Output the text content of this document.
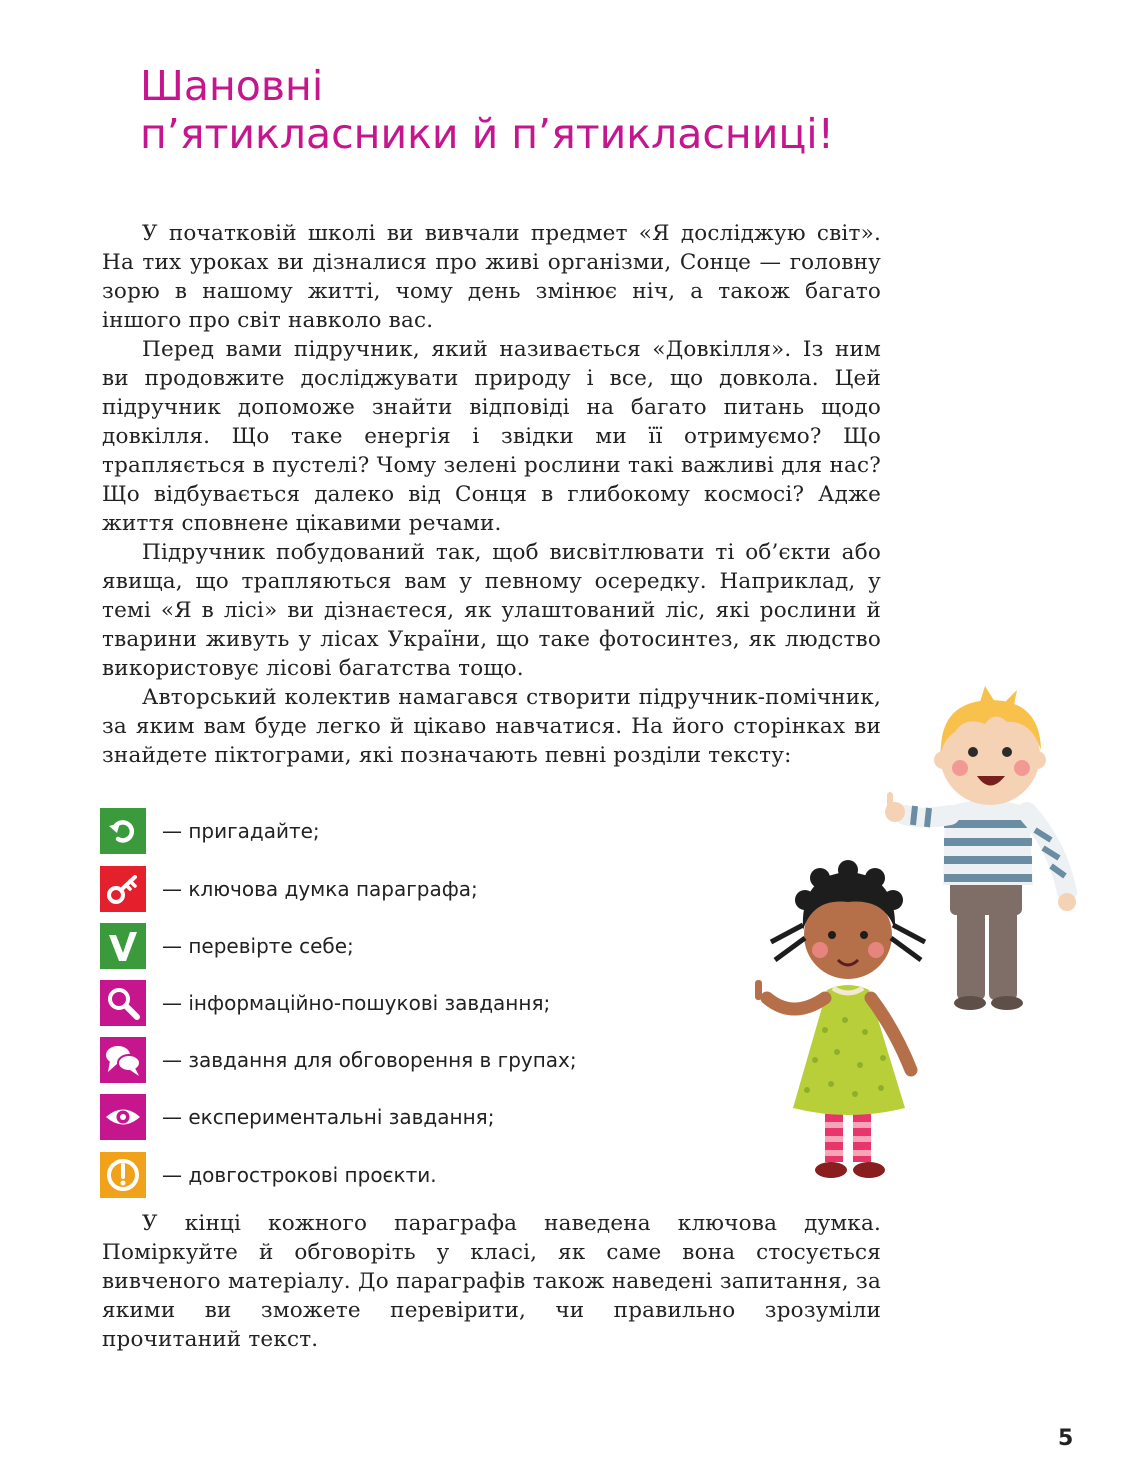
Шановні
п’ятикласники й п’ятикласниці!

У початковій школі ви вивчали предмет «Я досліджую світ». На тих уроках ви дізналися про живі організми, Сонце — головну зорю в нашому житті, чому день змінює ніч, а також багато іншого про світ навколо вас.

Перед вами підручник, який називається «Довкілля». Із ним ви продовжите досліджувати природу і все, що довкола. Цей підручник допоможе знайти відповіді на багато питань щодо довкілля. Що таке енергія і звідки ми її отримуємо? Що трапляється в пустелі? Чому зелені рослини такі важливі для нас? Що відбувається далеко від Сонця в глибокому космосі? Адже життя сповнене цікавими речами.

Підручник побудований так, щоб висвітлювати ті об’єкти або явища, що трапляються вам у певному осередку. Наприклад, у темі «Я в лісі» ви дізнаєтеся, як улаштований ліс, які рослини й тварини живуть у лісах України, що таке фотосинтез, як людство використовує лісові багатства тощо.

Авторський колектив намагався створити підручник-помічник, за яким вам буде легко й цікаво навчатися. На його сторінках ви знайдете піктограми, які позначають певні розділи тексту:

— пригадайте;
— ключова думка параграфа;
— перевірте себе;
— інформаційно-пошукові завдання;
— завдання для обговорення в групах;
— експериментальні завдання;
— довгострокові проєкти.

У кінці кожного параграфа наведена ключова думка. Поміркуйте й обговоріть у класі, як саме вона стосується вивченого матеріалу. До параграфів також наведені запитання, за якими ви зможете перевірити, чи правильно зрозуміли прочитаний текст.

5
